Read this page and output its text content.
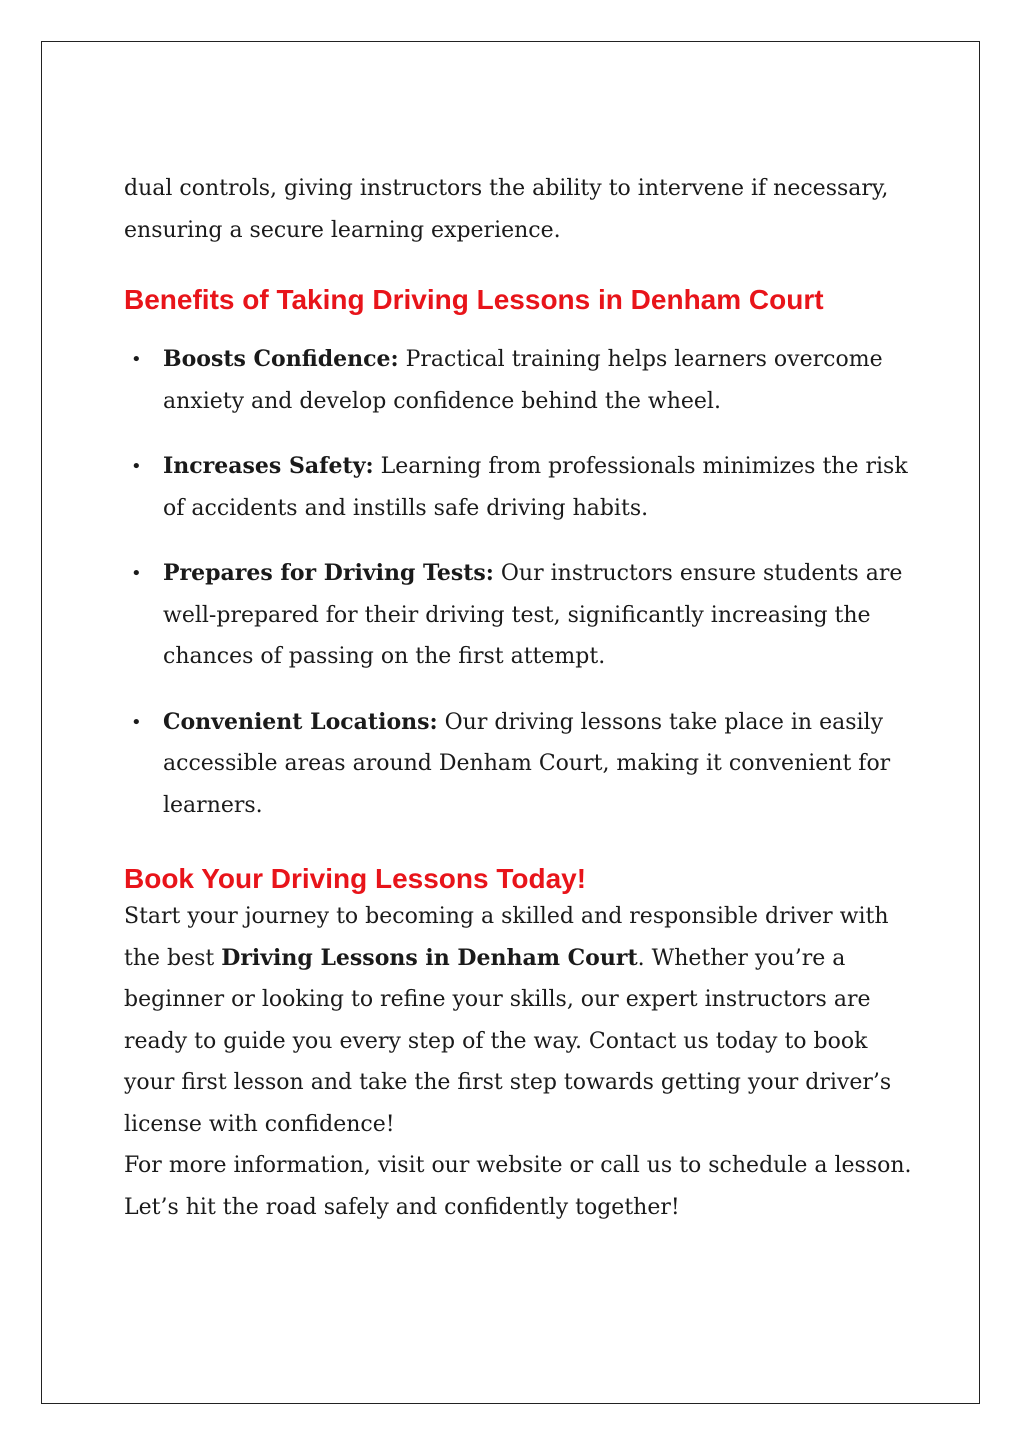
dual controls, giving instructors the ability to intervene if necessary, ensuring a secure learning experience.

Benefits of Taking Driving Lessons in Denham Court
• Boosts Confidence: Practical training helps learners overcome anxiety and develop confidence behind the wheel.
• Increases Safety: Learning from professionals minimizes the risk of accidents and instills safe driving habits.
• Prepares for Driving Tests: Our instructors ensure students are well-prepared for their driving test, significantly increasing the chances of passing on the first attempt.
• Convenient Locations: Our driving lessons take place in easily accessible areas around Denham Court, making it convenient for learners.
Book Your Driving Lessons Today!

Start your journey to becoming a skilled and responsible driver with the best Driving Lessons in Denham Court. Whether you’re a beginner or looking to refine your skills, our expert instructors are ready to guide you every step of the way. Contact us today to book your first lesson and take the first step towards getting your driver’s license with confidence!

For more information, visit our website or call us to schedule a lesson. Let’s hit the road safely and confidently together!
